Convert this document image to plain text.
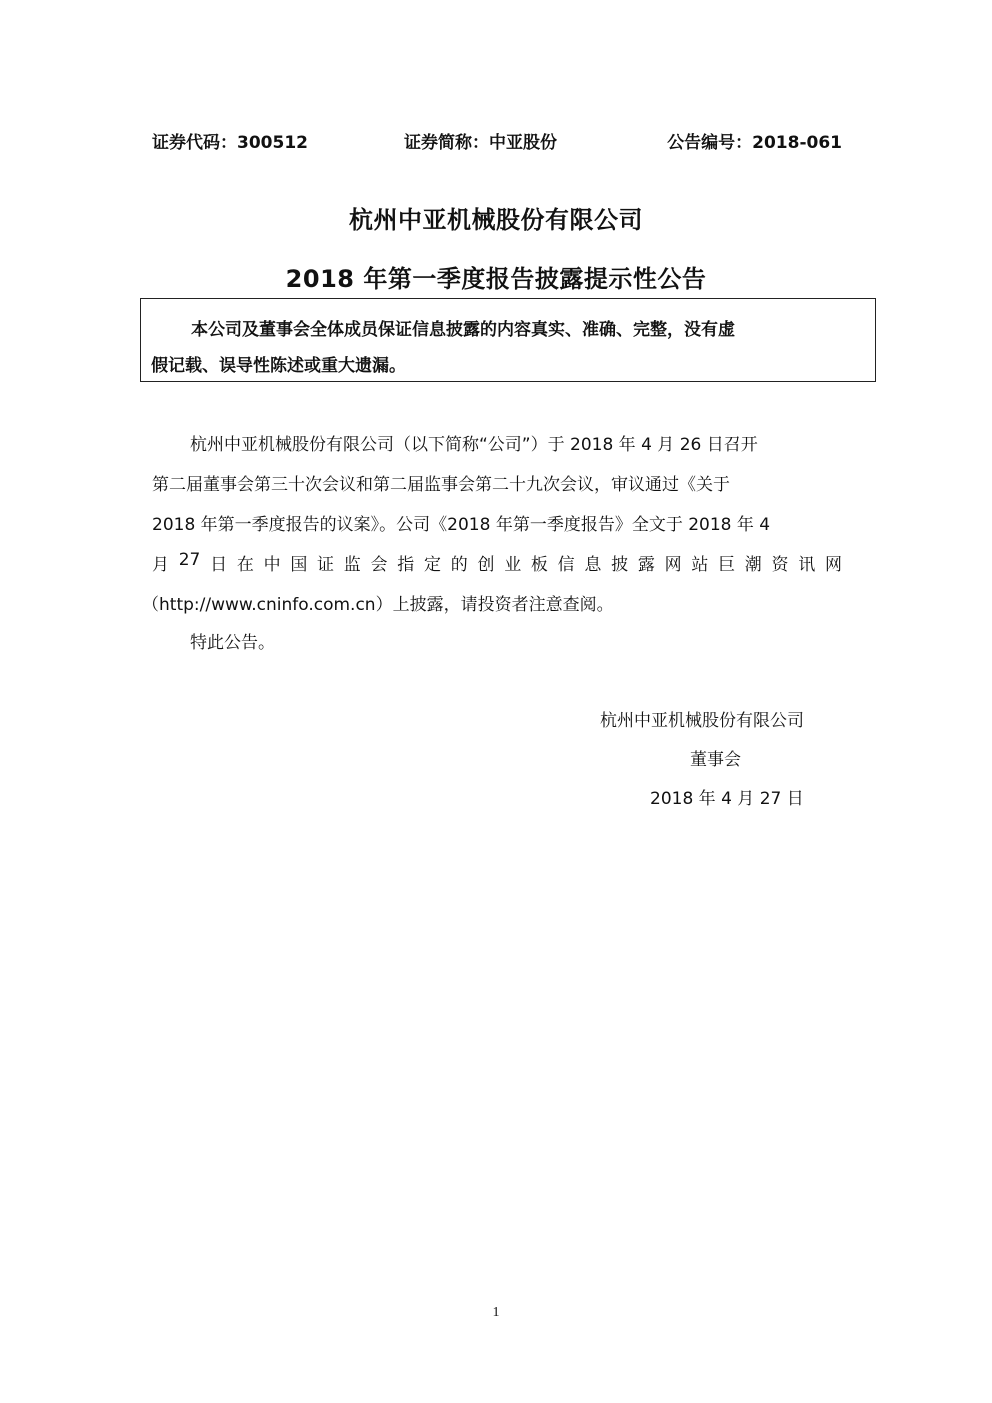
证券代码：300512	证券简称：中亚股份	公告编号：2018-061
杭州中亚机械股份有限公司
2018 年第一季度报告披露提示性公告
本公司及董事会全体成员保证信息披露的内容真实、准确、完整，没有虚
假记载、误导性陈述或重大遗漏。
杭州中亚机械股份有限公司（以下简称“公司”）于 2018 年 4 月 26 日召开
第二届董事会第三十次会议和第二届监事会第二十九次会议，审议通过《关于
2018 年第一季度报告的议案》。公司《2018 年第一季度报告》全文于 2018 年 4
月 27 日 在 中 国 证 监 会 指 定 的 创 业 板 信 息 披 露 网 站 巨 潮 资 讯 网
（http://www.cninfo.com.cn）上披露，请投资者注意查阅。
特此公告。
杭州中亚机械股份有限公司
董事会
2018 年 4 月 27 日
1
